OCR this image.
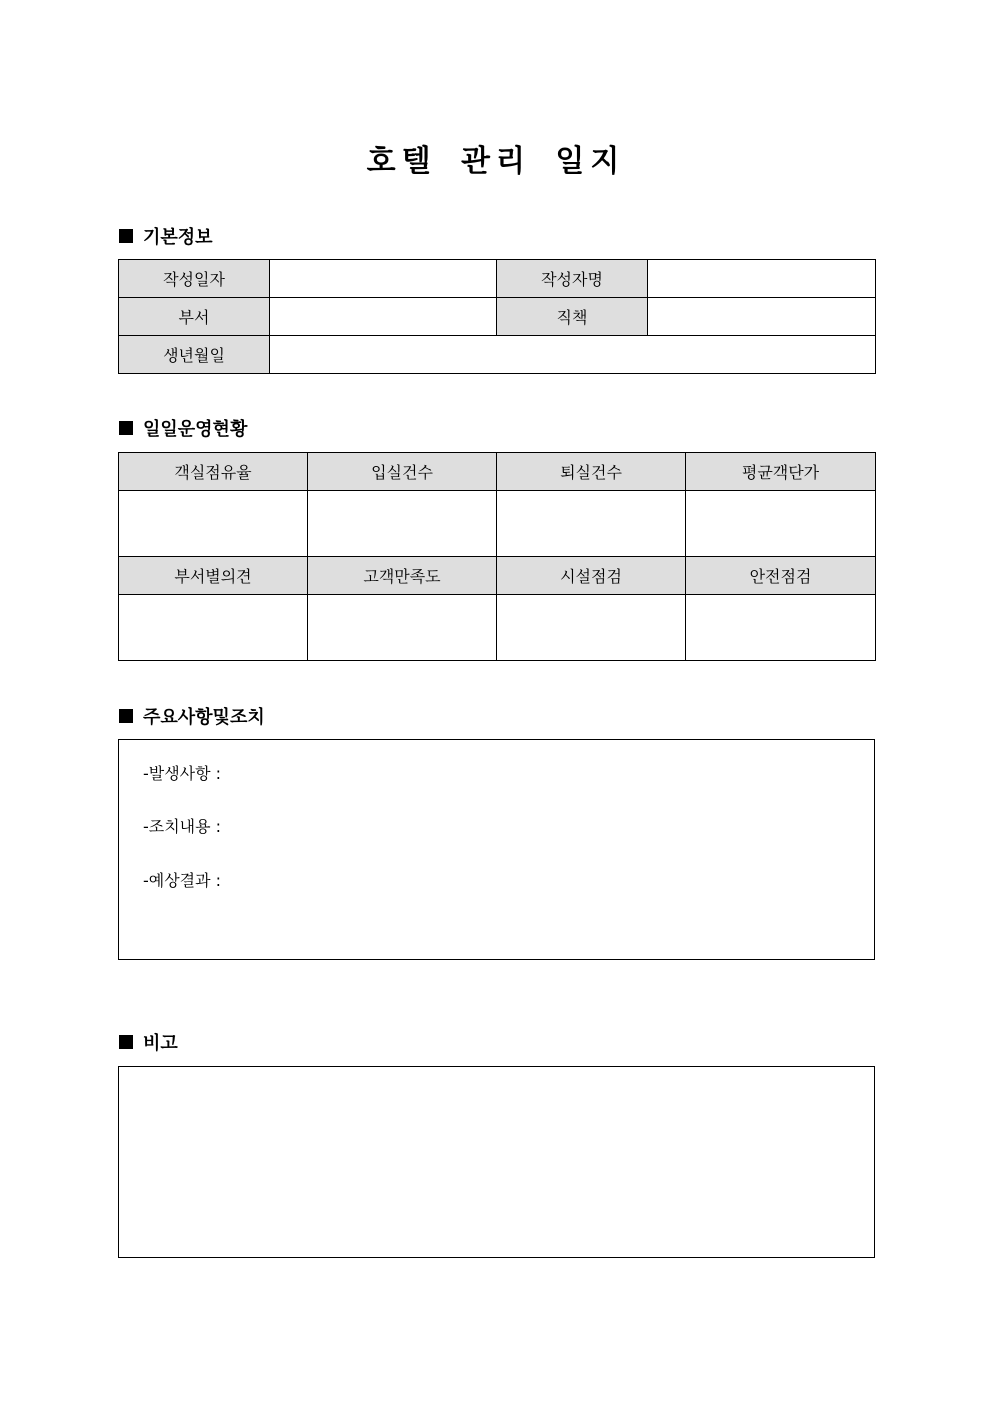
호텔 관리 일지
기본정보
작성일자		작성자명	
부서		직책	
생년월일			
일일운영현황
객실점유율	입실건수	퇴실건수	평균객단가

부서별의견	고객만족도	시설점검	안전점검

주요사항및조치
-발생사항 :
-조치내용 :
-예상결과 :
비고
